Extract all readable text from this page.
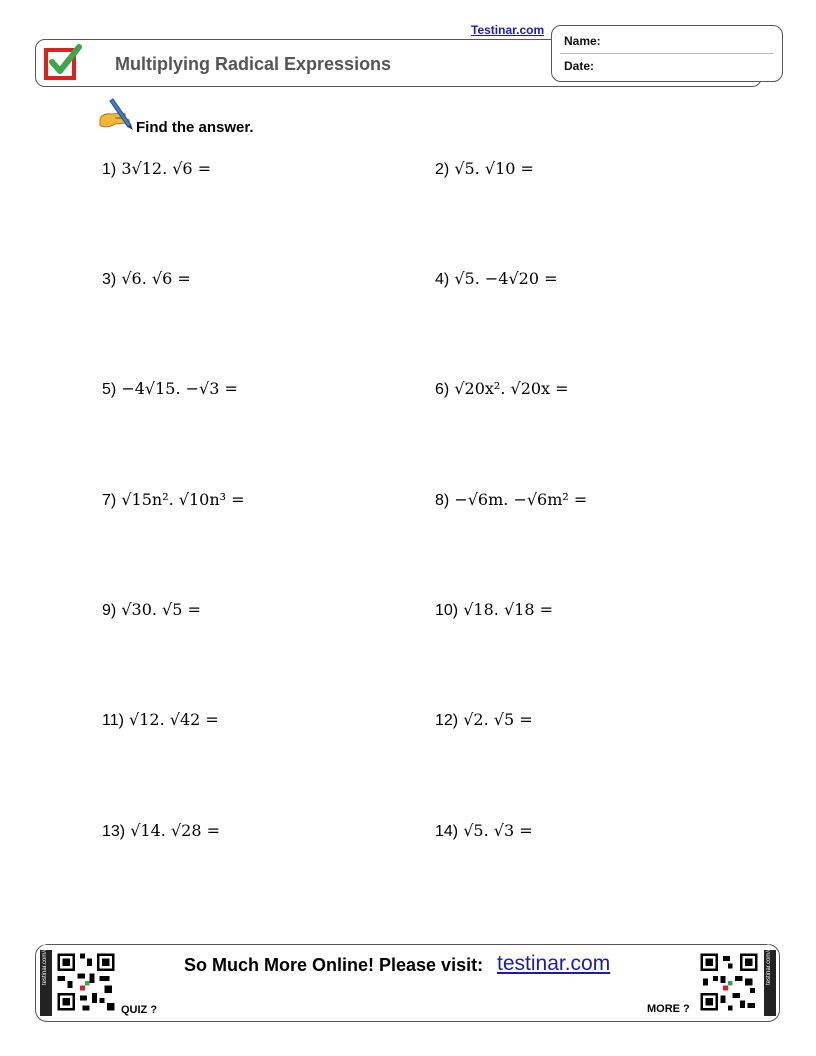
Testinar.com
Multiplying Radical Expressions
Name:
Date:
Find the answer.
1) 3√12. √6 =	2) √5. √10 =
3) √6. √6 =	4) √5. −4√20 =
5) −4√15. −√3 =	6) √20x². √20x =
7) √15n². √10n³ =	8) −√6m. −√6m² =
9) √30. √5 =	10) √18. √18 =
11) √12. √42 =	12) √2. √5 =
13) √14. √28 =	14) √5. √3 =
testinar.com/app	testinar.com/app
So Much More Online! Please visit: testinar.com
QUIZ ?	MORE ?
